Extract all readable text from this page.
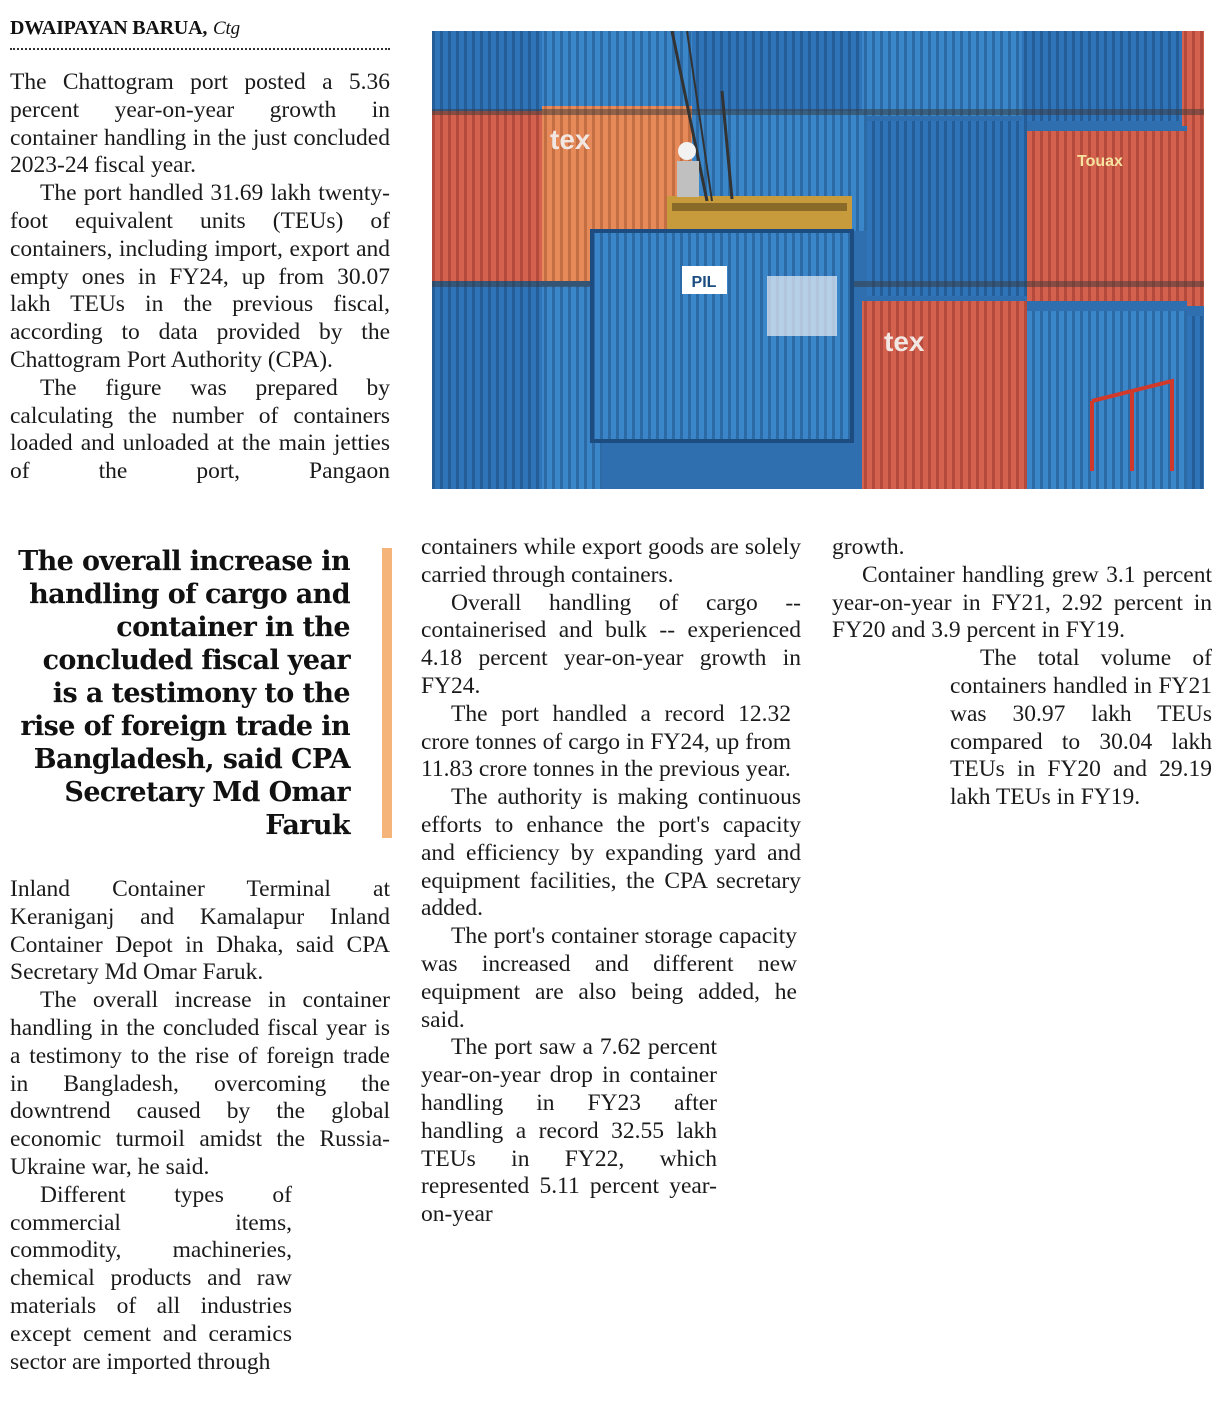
DWAIPAYAN BARUA, Ctg

The Chattogram port posted a 5.36 percent year-on-year growth in container handling in the just concluded 2023-24 fiscal year.

The port handled 31.69 lakh twenty-foot equivalent units (TEUs) of containers, including import, export and empty ones in FY24, up from 30.07 lakh TEUs in the previous fiscal, according to data provided by the Chattogram Port Authority (CPA).

The figure was prepared by calculating the number of containers loaded and unloaded at the main jetties of the port, Pangaon

The overall increase in handling of cargo and container in the concluded fiscal year is a testimony to the rise of foreign trade in Bangladesh, said CPA Secretary Md Omar Faruk

Inland Container Terminal at Keraniganj and Kamalapur Inland Container Depot in Dhaka, said CPA Secretary Md Omar Faruk.

The overall increase in container handling in the concluded fiscal year is a testimony to the rise of foreign trade in Bangladesh, overcoming the downtrend caused by the global economic turmoil amidst the Russia-Ukraine war, he said.

Different types of commercial items, commodity, machineries, chemical products and raw materials of all industries except cement and ceramics sector are imported through

containers while export goods are solely carried through containers.

Overall handling of cargo -- containerised and bulk -- experienced 4.18 percent year-on-year growth in FY24.

The port handled a record 12.32 crore tonnes of cargo in FY24, up from 11.83 crore tonnes in the previous year.

The authority is making continuous efforts to enhance the port's capacity and efficiency by expanding yard and equipment facilities, the CPA secretary added.

The port's container storage capacity was increased and different new equipment are also being added, he said.

The port saw a 7.62 percent year-on-year drop in container handling in FY23 after handling a record 32.55 lakh TEUs in FY22, which represented 5.11 percent year-on-year

growth.

Container handling grew 3.1 percent year-on-year in FY21, 2.92 percent in FY20 and 3.9 percent in FY19.

The total volume of containers handled in FY21 was 30.97 lakh TEUs compared to 30.04 lakh TEUs in FY20 and 29.19 lakh TEUs in FY19.

PIL
tex
Touax
tex
